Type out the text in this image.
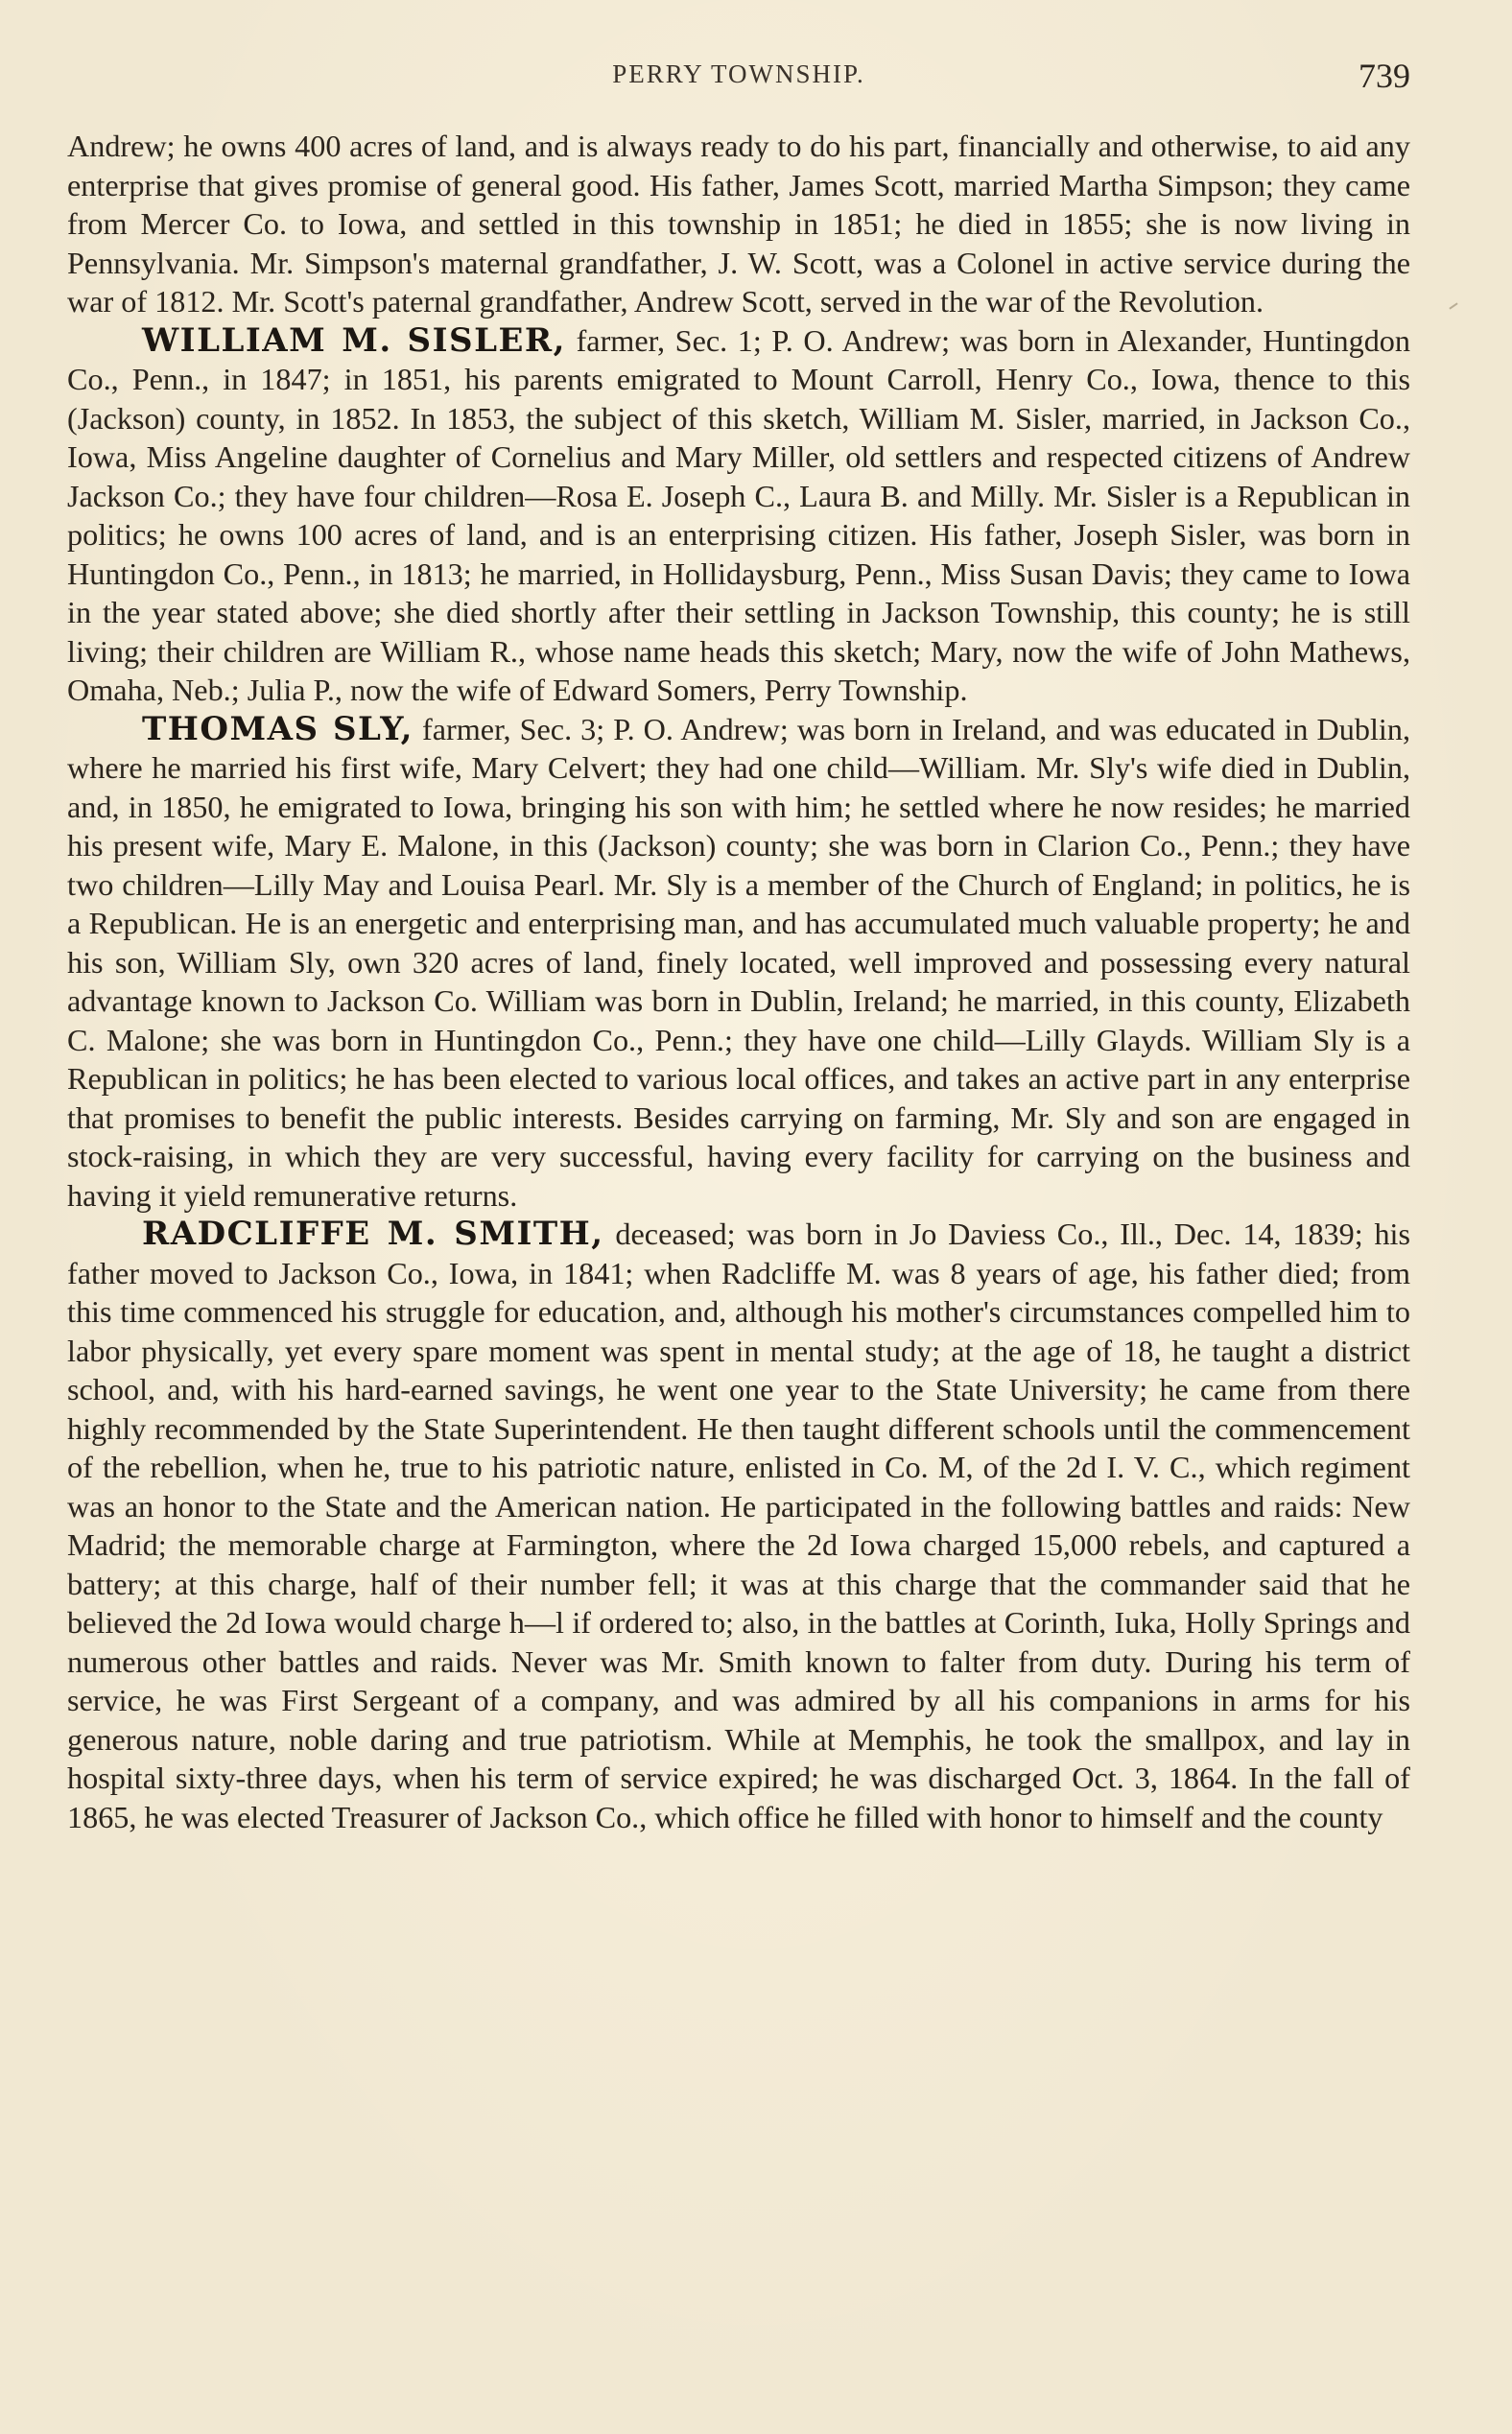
PERRY TOWNSHIP.	739

Andrew; he owns 400 acres of land, and is always ready to do his part, financially and otherwise, to aid any enterprise that gives promise of general good. His father, James Scott, married Martha Simpson; they came from Mercer Co. to Iowa, and settled in this township in 1851; he died in 1855; she is now living in Pennsylvania. Mr. Simpson's maternal grandfather, J. W. Scott, was a Colonel in active service during the war of 1812. Mr. Scott's paternal grandfather, Andrew Scott, served in the war of the Revolution.

WILLIAM M. SISLER, farmer, Sec. 1; P. O. Andrew; was born in Alexander, Huntingdon Co., Penn., in 1847; in 1851, his parents emigrated to Mount Carroll, Henry Co., Iowa, thence to this (Jackson) county, in 1852. In 1853, the subject of this sketch, William M. Sisler, married, in Jackson Co., Iowa, Miss Angeline daughter of Cornelius and Mary Miller, old settlers and respected citizens of Andrew Jackson Co.; they have four children—Rosa E. Joseph C., Laura B. and Milly. Mr. Sisler is a Republican in politics; he owns 100 acres of land, and is an enterprising citizen. His father, Joseph Sisler, was born in Huntingdon Co., Penn., in 1813; he married, in Hollidaysburg, Penn., Miss Susan Davis; they came to Iowa in the year stated above; she died shortly after their settling in Jackson Township, this county; he is still living; their children are William R., whose name heads this sketch; Mary, now the wife of John Mathews, Omaha, Neb.; Julia P., now the wife of Edward Somers, Perry Township.

THOMAS SLY, farmer, Sec. 3; P. O. Andrew; was born in Ireland, and was educated in Dublin, where he married his first wife, Mary Celvert; they had one child—William. Mr. Sly's wife died in Dublin, and, in 1850, he emigrated to Iowa, bringing his son with him; he settled where he now resides; he married his present wife, Mary E. Malone, in this (Jackson) county; she was born in Clarion Co., Penn.; they have two children—Lilly May and Louisa Pearl. Mr. Sly is a member of the Church of England; in politics, he is a Republican. He is an energetic and enterprising man, and has accumulated much valuable property; he and his son, William Sly, own 320 acres of land, finely located, well improved and possessing every natural advantage known to Jackson Co. William was born in Dublin, Ireland; he married, in this county, Elizabeth C. Malone; she was born in Huntingdon Co., Penn.; they have one child—Lilly Glayds. William Sly is a Republican in politics; he has been elected to various local offices, and takes an active part in any enterprise that promises to benefit the public interests. Besides carrying on farming, Mr. Sly and son are engaged in stock-raising, in which they are very successful, having every facility for carrying on the business and having it yield remunerative returns.

RADCLIFFE M. SMITH, deceased; was born in Jo Daviess Co., Ill., Dec. 14, 1839; his father moved to Jackson Co., Iowa, in 1841; when Radcliffe M. was 8 years of age, his father died; from this time commenced his struggle for education, and, although his mother's circumstances compelled him to labor physically, yet every spare moment was spent in mental study; at the age of 18, he taught a district school, and, with his hard-earned savings, he went one year to the State University; he came from there highly recommended by the State Superintendent. He then taught different schools until the commencement of the rebellion, when he, true to his patriotic nature, enlisted in Co. M, of the 2d I. V. C., which regiment was an honor to the State and the American nation. He participated in the following battles and raids: New Madrid; the memorable charge at Farmington, where the 2d Iowa charged 15,000 rebels, and captured a battery; at this charge, half of their number fell; it was at this charge that the commander said that he believed the 2d Iowa would charge h—l if ordered to; also, in the battles at Corinth, Iuka, Holly Springs and numerous other battles and raids. Never was Mr. Smith known to falter from duty. During his term of service, he was First Sergeant of a company, and was admired by all his companions in arms for his generous nature, noble daring and true patriotism. While at Memphis, he took the smallpox, and lay in hospital sixty-three days, when his term of service expired; he was discharged Oct. 3, 1864. In the fall of 1865, he was elected Treasurer of Jackson Co., which office he filled with honor to himself and the county
